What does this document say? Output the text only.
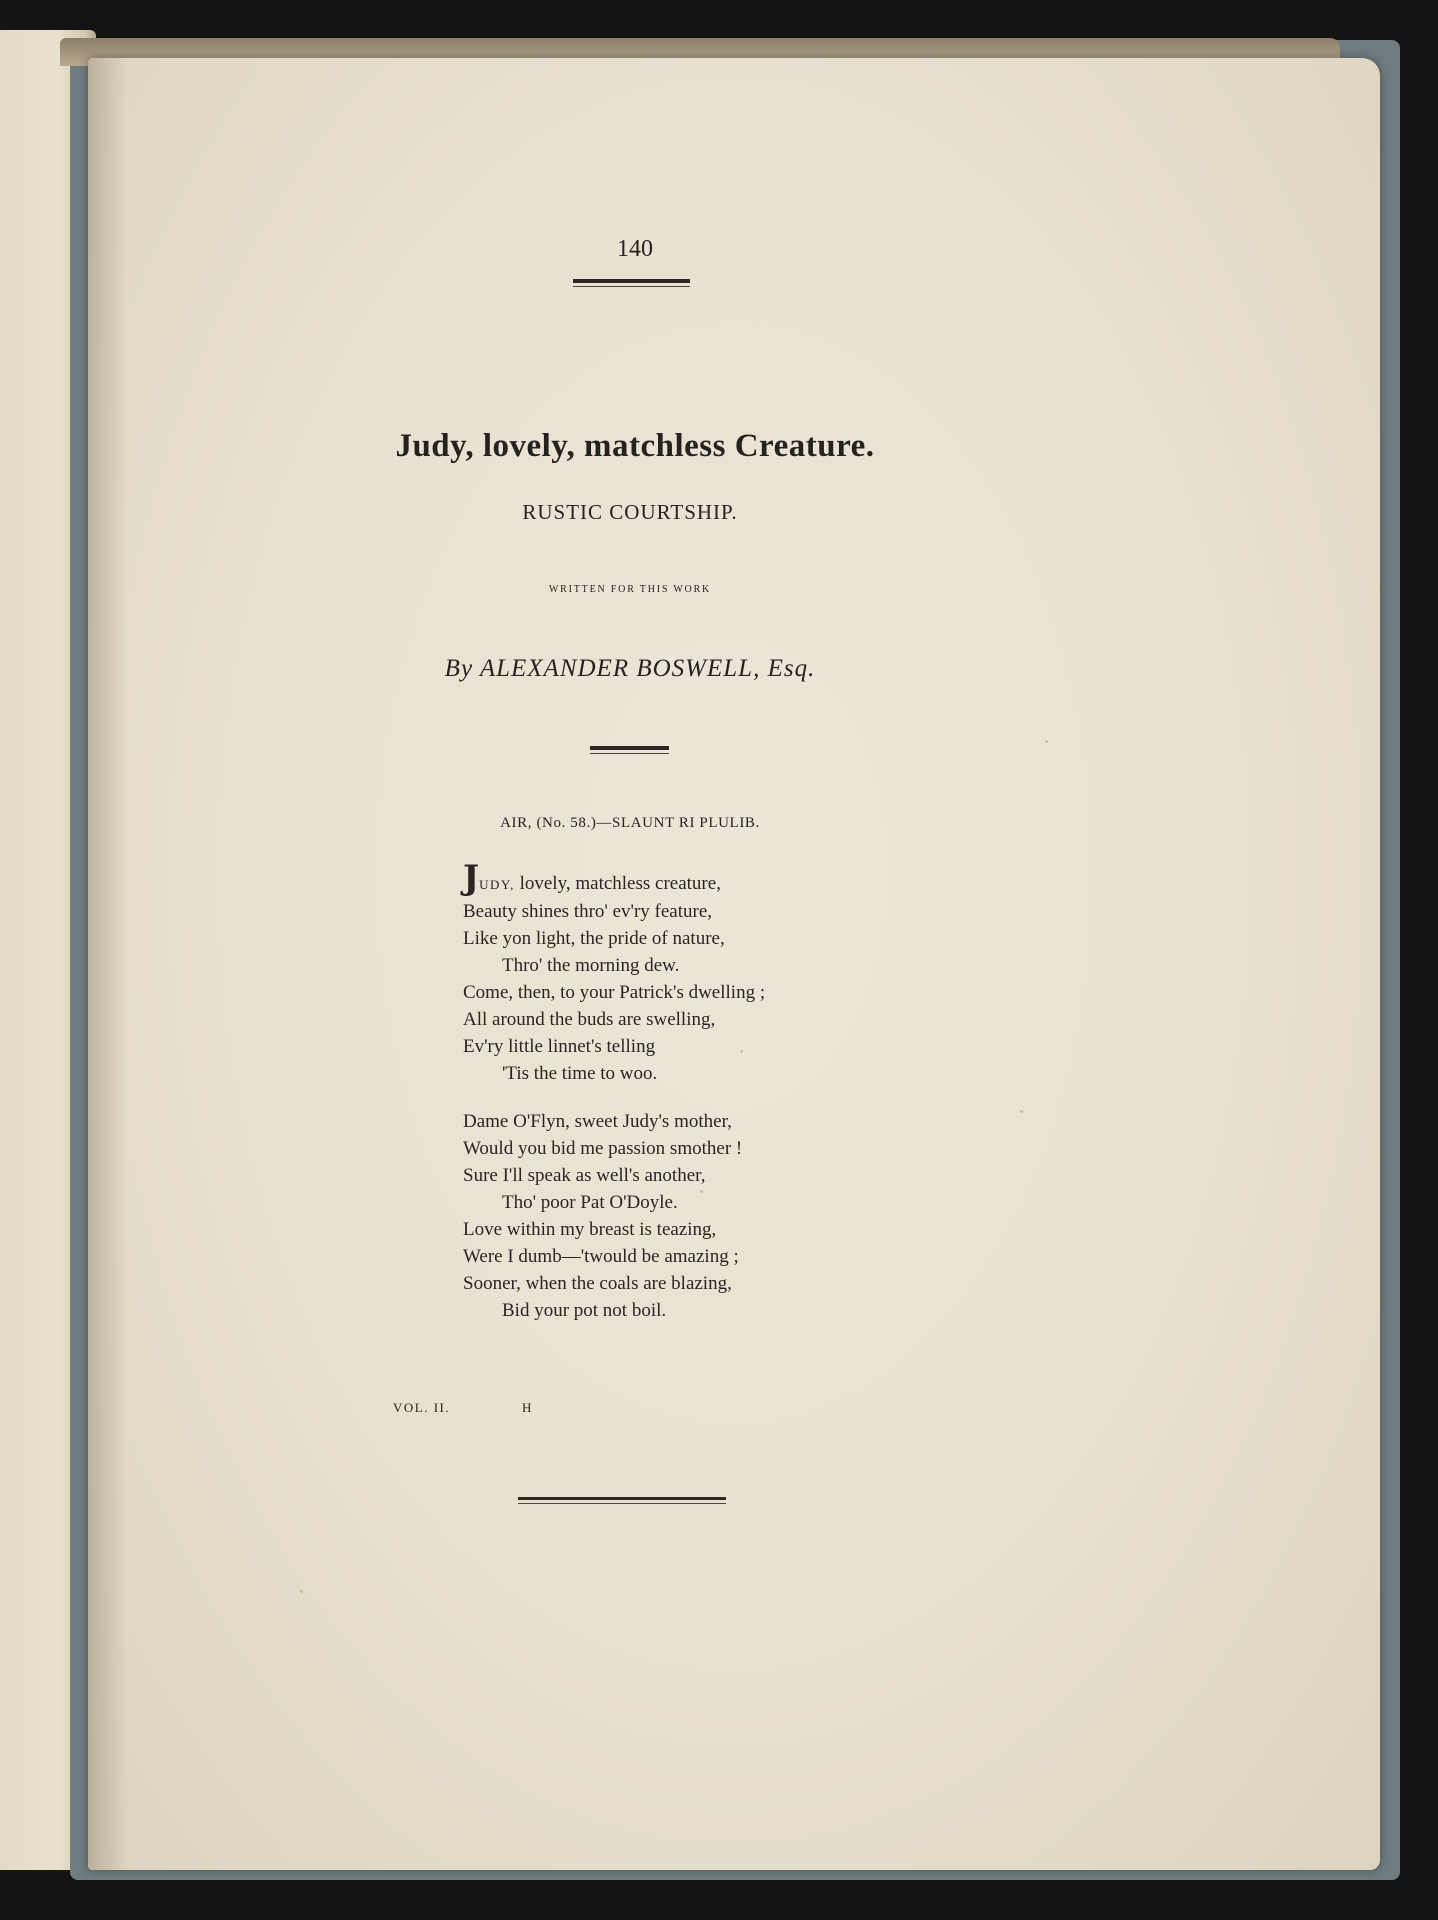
140
Judy, lovely, matchless Creature.
RUSTIC COURTSHIP.
WRITTEN FOR THIS WORK
By ALEXANDER BOSWELL, Esq.
AIR, (No. 58.)—SLAUNT RI PLULIB.
JUDY, lovely, matchless creature,
Beauty shines thro' ev'ry feature,
Like yon light, the pride of nature,
Thro' the morning dew.
Come, then, to your Patrick's dwelling ;
All around the buds are swelling,
Ev'ry little linnet's telling
'Tis the time to woo.
Dame O'Flyn, sweet Judy's mother,
Would you bid me passion smother !
Sure I'll speak as well's another,
Tho' poor Pat O'Doyle.
Love within my breast is teazing,
Were I dumb—'twould be amazing ;
Sooner, when the coals are blazing,
Bid your pot not boil.
VOL. II.	H
